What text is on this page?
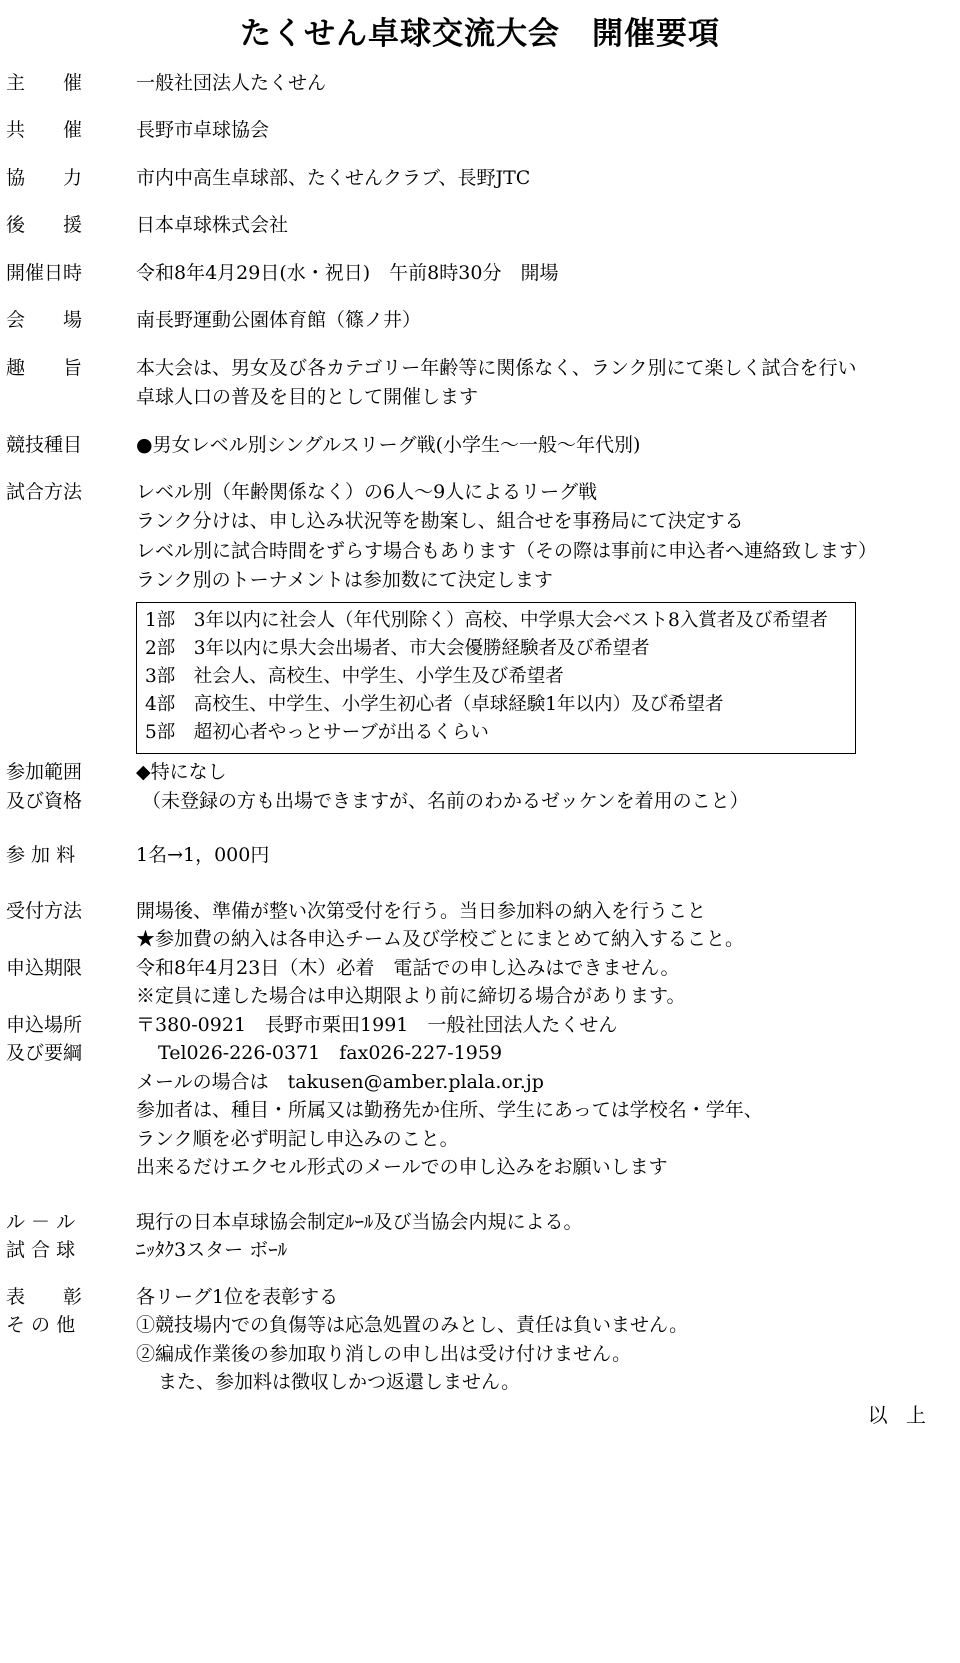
たくせん卓球交流大会　開催要項
主　　催	一般社団法人たくせん
共　　催	長野市卓球協会
協　　力	市内中高生卓球部、たくせんクラブ、長野JTC
後　　援	日本卓球株式会社
開催日時	令和8年4月29日(水・祝日)　午前8時30分　開場
会　　場	南長野運動公園体育館（篠ノ井）
趣　　旨	本大会は、男女及び各カテゴリー年齢等に関係なく、ランク別にて楽しく試合を行い
卓球人口の普及を目的として開催します
競技種目	●男女レベル別シングルスリーグ戦(小学生～一般～年代別)
試合方法	レベル別（年齢関係なく）の6人～9人によるリーグ戦
ランク分けは、申し込み状況等を勘案し、組合せを事務局にて決定する
レベル別に試合時間をずらす場合もあります（その際は事前に申込者へ連絡致します）
ランク別のトーナメントは参加数にて決定します
1部　3年以内に社会人（年代別除く）高校、中学県大会ベスト8入賞者及び希望者
2部　3年以内に県大会出場者、市大会優勝経験者及び希望者
3部　社会人、高校生、中学生、小学生及び希望者
4部　高校生、中学生、小学生初心者（卓球経験1年以内）及び希望者
5部　超初心者やっとサーブが出るくらい
参加範囲	◆特になし
及び資格	（未登録の方も出場できますが、名前のわかるゼッケンを着用のこと）
参 加 料	1名→1，000円
受付方法	開場後、準備が整い次第受付を行う。当日参加料の納入を行うこと
★参加費の納入は各申込チーム及び学校ごとにまとめて納入すること。
申込期限	令和8年4月23日（木）必着　電話での申し込みはできません。
※定員に達した場合は申込期限より前に締切る場合があります。
申込場所	〒380-0921　長野市栗田1991　一般社団法人たくせん
及び要綱	Tel026-226-0371　fax026-227-1959
メールの場合は　takusen@amber.plala.or.jp
参加者は、種目・所属又は勤務先か住所、学生にあっては学校名・学年、
ランク順を必ず明記し申込みのこと。
出来るだけエクセル形式のメールでの申し込みをお願いします
ル － ル	現行の日本卓球協会制定ﾙｰﾙ及び当協会内規による。
試 合 球	ﾆｯﾀｸ3スター ボｰﾙ
表　　彰	各リーグ1位を表彰する
そ の 他	①競技場内での負傷等は応急処置のみとし、責任は負いません。
②編成作業後の参加取り消しの申し出は受け付けません。
また、参加料は徴収しかつ返還しません。
以 上
